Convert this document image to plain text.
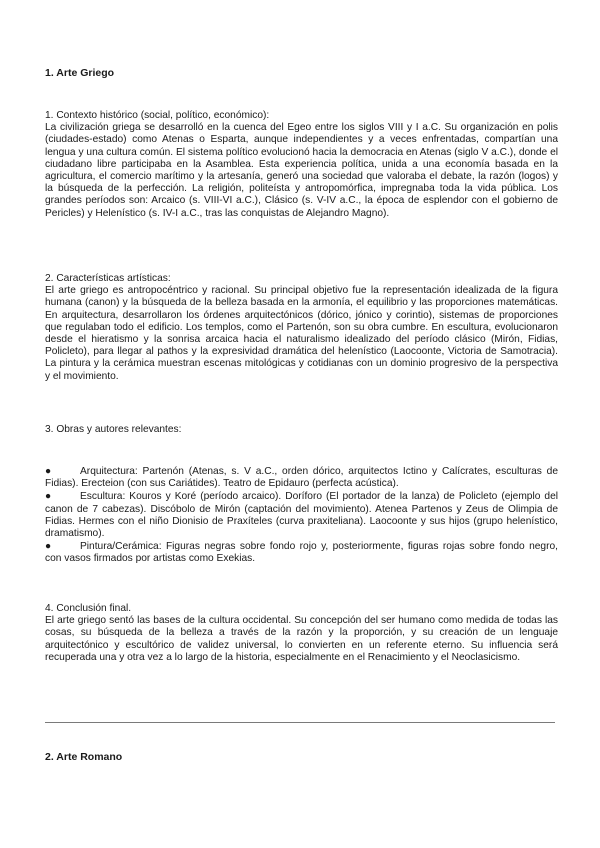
1. Arte Griego

1. Contexto histórico (social, político, económico):

La civilización griega se desarrolló en la cuenca del Egeo entre los siglos VIII y I a.C. Su organización en polis (ciudades-estado) como Atenas o Esparta, aunque independientes y a veces enfrentadas, compartían una lengua y una cultura común. El sistema político evolucionó hacia la democracia en Atenas (siglo V a.C.), donde el ciudadano libre participaba en la Asamblea. Esta experiencia política, unida a una economía basada en la agricultura, el comercio marítimo y la artesanía, generó una sociedad que valoraba el debate, la razón (logos) y la búsqueda de la perfección. La religión, politeísta y antropomórfica, impregnaba toda la vida pública. Los grandes períodos son: Arcaico (s. VIII-VI a.C.), Clásico (s. V-IV a.C., la época de esplendor con el gobierno de Pericles) y Helenístico (s. IV-I a.C., tras las conquistas de Alejandro Magno).

2. Características artísticas:

El arte griego es antropocéntrico y racional. Su principal objetivo fue la representación idealizada de la figura humana (canon) y la búsqueda de la belleza basada en la armonía, el equilibrio y las proporciones matemáticas. En arquitectura, desarrollaron los órdenes arquitectónicos (dórico, jónico y corintio), sistemas de proporciones que regulaban todo el edificio. Los templos, como el Partenón, son su obra cumbre. En escultura, evolucionaron desde el hieratismo y la sonrisa arcaica hacia el naturalismo idealizado del período clásico (Mirón, Fidias, Policleto), para llegar al pathos y la expresividad dramática del helenístico (Laocoonte, Victoria de Samotracia). La pintura y la cerámica muestran escenas mitológicas y cotidianas con un dominio progresivo de la perspectiva y el movimiento.

3. Obras y autores relevantes:

●	Arquitectura: Partenón (Atenas, s. V a.C., orden dórico, arquitectos Ictino y Calícrates, esculturas de Fidias). Erecteion (con sus Cariátides). Teatro de Epidauro (perfecta acústica).
●	Escultura: Kouros y Koré (período arcaico). Doríforo (El portador de la lanza) de Policleto (ejemplo del canon de 7 cabezas). Discóbolo de Mirón (captación del movimiento). Atenea Partenos y Zeus de Olimpia de Fidias. Hermes con el niño Dionisio de Praxíteles (curva praxiteliana). Laocoonte y sus hijos (grupo helenístico, dramatismo).
●	Pintura/Cerámica: Figuras negras sobre fondo rojo y, posteriormente, figuras rojas sobre fondo negro, con vasos firmados por artistas como Exekias.

4. Conclusión final.

El arte griego sentó las bases de la cultura occidental. Su concepción del ser humano como medida de todas las cosas, su búsqueda de la belleza a través de la razón y la proporción, y su creación de un lenguaje arquitectónico y escultórico de validez universal, lo convierten en un referente eterno. Su influencia será recuperada una y otra vez a lo largo de la historia, especialmente en el Renacimiento y el Neoclasicismo.

2. Arte Romano
